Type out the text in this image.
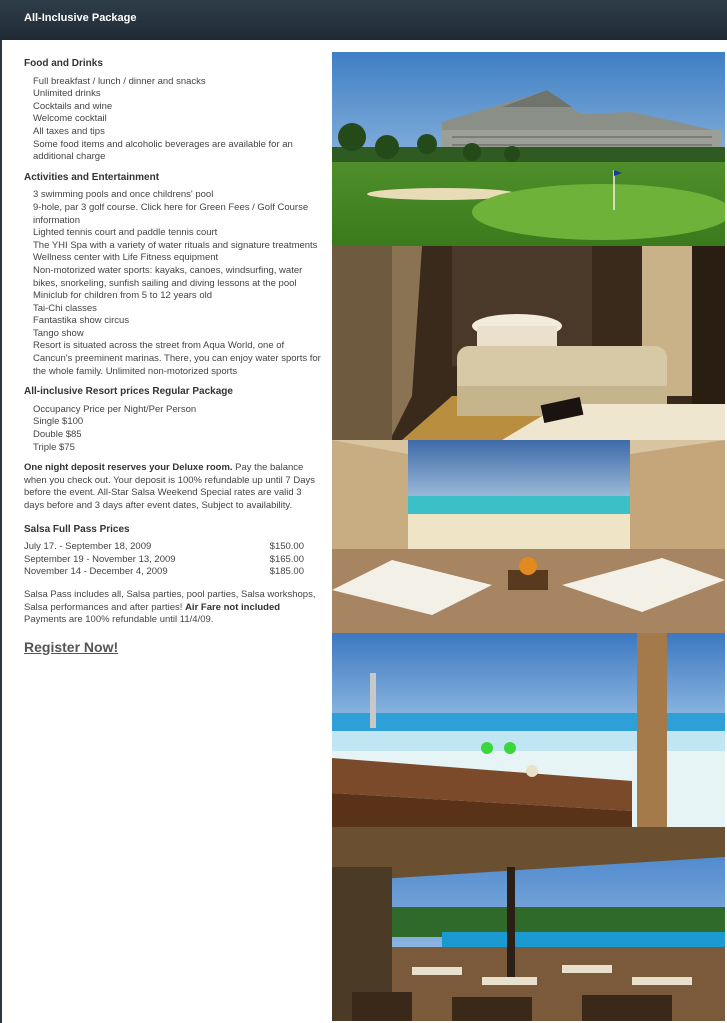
All-Inclusive Package
Food and Drinks
Full breakfast / lunch / dinner and snacks
Unlimited drinks
Cocktails and wine
Welcome cocktail
All taxes and tips
Some food items and alcoholic beverages are available for an additional charge
Activities and Entertainment
3 swimming pools and once childrens' pool
9-hole, par 3 golf course. Click here for Green Fees / Golf Course information
Lighted tennis court and paddle tennis court
The YHI Spa with a variety of water rituals and signature treatments
Wellness center with Life Fitness equipment
Non-motorized water sports: kayaks, canoes, windsurfing, water bikes, snorkeling, sunfish sailing and diving lessons at the pool
Miniclub for children from 5 to 12 years old
Tai-Chi classes
Fantastika show circus
Tango show
Resort is situated across the street from Aqua World, one of Cancun's preeminent marinas. There, you can enjoy water sports for the whole family. Unlimited non-motorized sports
All-inclusive Resort prices Regular Package
Occupancy Price per Night/Per Person
Single $100
Double $85
Triple $75

One night deposit reserves your Deluxe room. Pay the balance when you check out. Your deposit is 100% refundable up until 7 Days before the event. All-Star Salsa Weekend Special rates are valid 3 days before and 3 days after event dates, Subject to availability.

Salsa Full Pass Prices
July 17. - September 18, 2009	$150.00
September 19 - November 13, 2009	$165.00
November 14 - December 4, 2009	$185.00

Salsa Pass includes all, Salsa parties, pool parties, Salsa workshops, Salsa performances and after parties! Air Fare not included
Payments are 100% refundable until 11/4/09.

Register Now!
